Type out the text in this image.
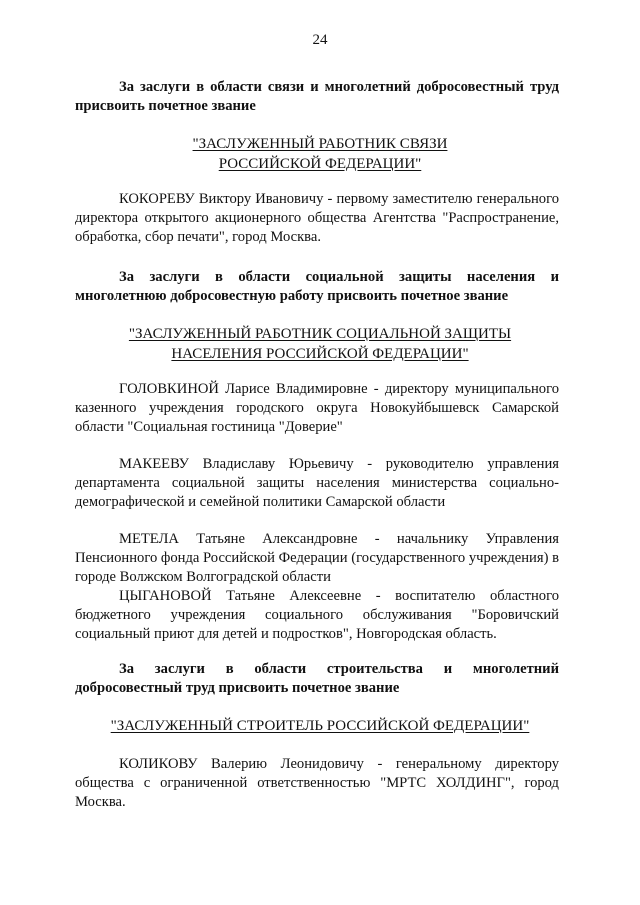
24

За заслуги в области связи и многолетний добросовестный труд присвоить почетное звание

"ЗАСЛУЖЕННЫЙ РАБОТНИК СВЯЗИ
РОССИЙСКОЙ ФЕДЕРАЦИИ"

КОКОРЕВУ Виктору Ивановичу - первому заместителю генерального директора открытого акционерного общества Агентства "Распространение, обработка, сбор печати", город Москва.

За заслуги в области социальной защиты населения и многолетнюю добросовестную работу присвоить почетное звание

"ЗАСЛУЖЕННЫЙ РАБОТНИК СОЦИАЛЬНОЙ ЗАЩИТЫ
НАСЕЛЕНИЯ РОССИЙСКОЙ ФЕДЕРАЦИИ"

ГОЛОВКИНОЙ Ларисе Владимировне - директору муниципального казенного учреждения городского округа Новокуйбышевск Самарской области "Социальная гостиница "Доверие"

МАКЕЕВУ Владиславу Юрьевичу - руководителю управления департамента социальной защиты населения министерства социально-демографической и семейной политики Самарской области

МЕТЕЛА Татьяне Александровне - начальнику Управления Пенсионного фонда Российской Федерации (государственного учреждения) в городе Волжском Волгоградской области

ЦЫГАНОВОЙ Татьяне Алексеевне - воспитателю областного бюджетного учреждения социального обслуживания "Боровичский социальный приют для детей и подростков", Новгородская область.

За заслуги в области строительства и многолетний добросовестный труд присвоить почетное звание

"ЗАСЛУЖЕННЫЙ СТРОИТЕЛЬ РОССИЙСКОЙ ФЕДЕРАЦИИ"

КОЛИКОВУ Валерию Леонидовичу - генеральному директору общества с ограниченной ответственностью "МРТС ХОЛДИНГ", город Москва.
